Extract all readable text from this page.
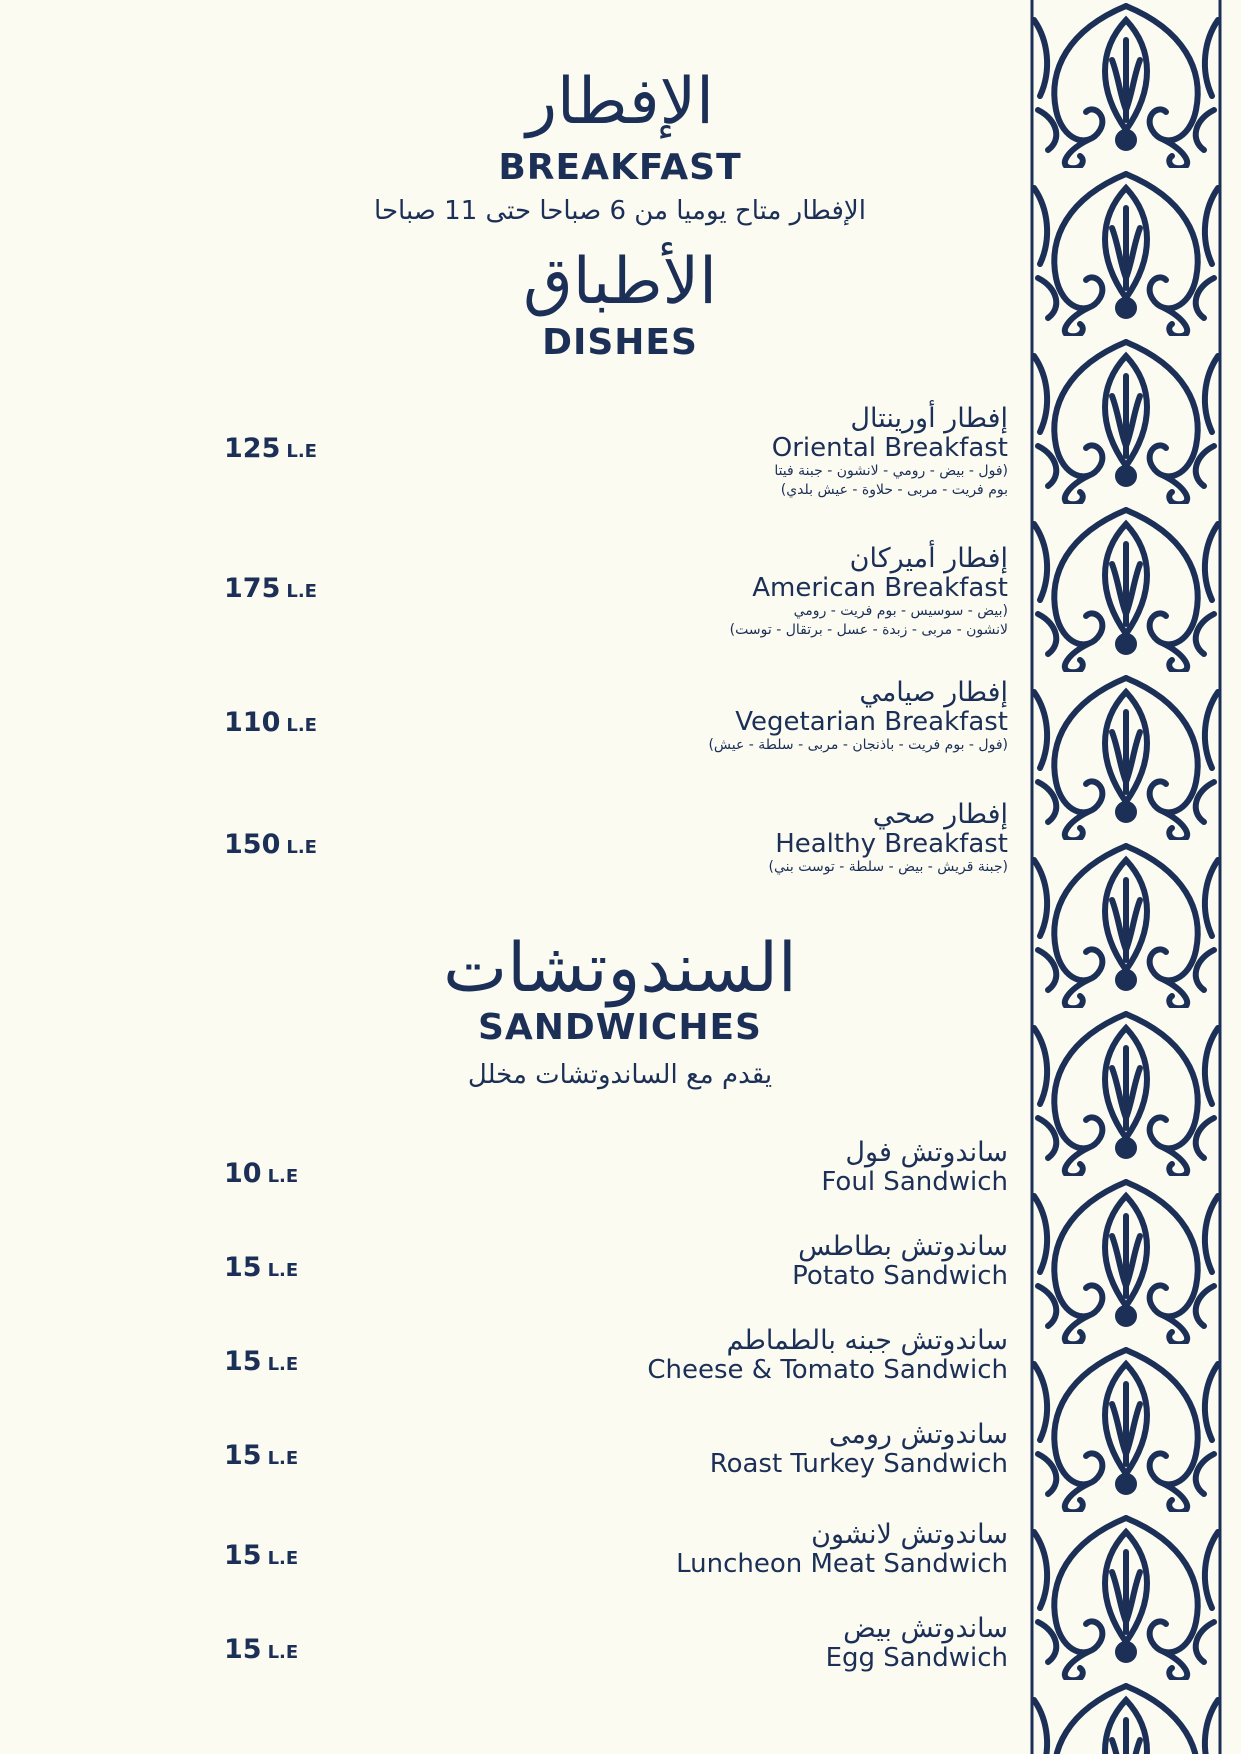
الإفطار
BREAKFAST
الإفطار متاح يوميا من 6 صباحا حتى 11 صباحا
الأطباق
DISHES
إفطار أورينتال
Oriental Breakfast
(فول - بيض - رومي - لانشون - جبنة فيتا
بوم فريت - مربى - حلاوة - عيش بلدي)
125 L.E
إفطار أميركان
American Breakfast
(بيض - سوسيس - بوم فريت - رومي
لانشون - مربى - زبدة - عسل - برتقال - توست)
175 L.E
إفطار صيامي
Vegetarian Breakfast
(فول - بوم فريت - باذنجان - مربى - سلطة - عيش)
110 L.E
إفطار صحي
Healthy Breakfast
(جبنة قريش - بيض - سلطة - توست بني)
150 L.E
السندوتشات
SANDWICHES
يقدم مع الساندوتشات مخلل
ساندوتش فول
Foul Sandwich
10 L.E
ساندوتش بطاطس
Potato Sandwich
15 L.E
ساندوتش جبنه بالطماطم
Cheese & Tomato Sandwich
15 L.E
ساندوتش رومى
Roast Turkey Sandwich
15 L.E
ساندوتش لانشون
Luncheon Meat Sandwich
15 L.E
ساندوتش بيض
Egg Sandwich
15 L.E
